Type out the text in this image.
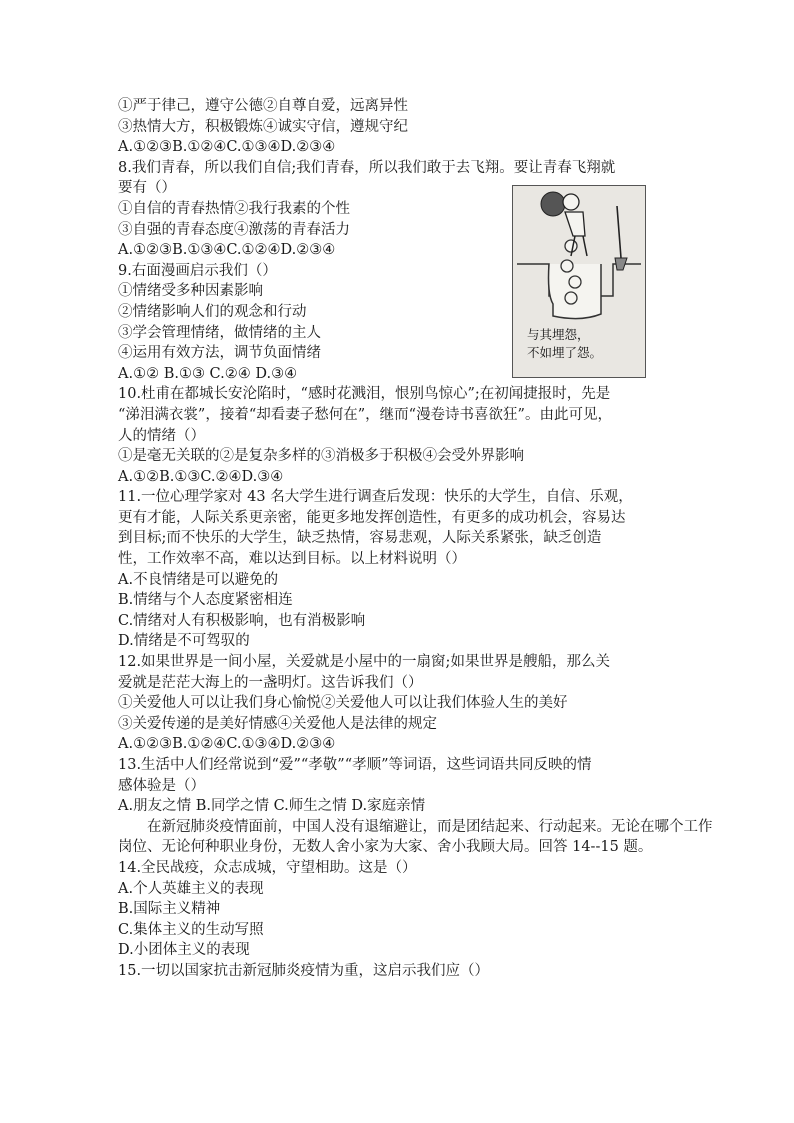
①严于律己，遵守公德②自尊自爱，远离异性
③热情大方，积极锻炼④诚实守信，遵规守纪
A.①②③B.①②④C.①③④D.②③④
8.我们青春，所以我们自信;我们青春，所以我们敢于去飞翔。要让青春飞翔就
要有（）
①自信的青春热情②我行我素的个性
③自强的青春态度④激荡的青春活力
A.①②③B.①③④C.①②④D.②③④
9.右面漫画启示我们（）
①情绪受多种因素影响
②情绪影响人们的观念和行动
③学会管理情绪，做情绪的主人
④运用有效方法，调节负面情绪
A.①② B.①③ C.②④ D.③④
10.杜甫在都城长安沦陷时，“感时花溅泪，恨别鸟惊心”;在初闻捷报时，先是
“涕泪满衣裳”，接着“却看妻子愁何在”，继而“漫卷诗书喜欲狂”。由此可见，
人的情绪（）
①是毫无关联的②是复杂多样的③消极多于积极④会受外界影响
A.①②B.①③C.②④D.③④
11.一位心理学家对 43 名大学生进行调查后发现：快乐的大学生，自信、乐观，
更有才能，人际关系更亲密，能更多地发挥创造性，有更多的成功机会，容易达
到目标;而不快乐的大学生，缺乏热情，容易悲观，人际关系紧张，缺乏创造
性，工作效率不高，难以达到目标。以上材料说明（）
A.不良情绪是可以避免的
B.情绪与个人态度紧密相连
C.情绪对人有积极影响，也有消极影响
D.情绪是不可驾驭的
12.如果世界是一间小屋，关爱就是小屋中的一扇窗;如果世界是艘船，那么关
爱就是茫茫大海上的一盏明灯。这告诉我们（）
①关爱他人可以让我们身心愉悦②关爱他人可以让我们体验人生的美好
③关爱传递的是美好情感④关爱他人是法律的规定
A.①②③B.①②④C.①③④D.②③④
13.生活中人们经常说到“爱”“孝敬”“孝顺”等词语，这些词语共同反映的情
感体验是（）
A.朋友之情 B.同学之情 C.师生之情 D.家庭亲情
在新冠肺炎疫情面前，中国人没有退缩避让，而是团结起来、行动起来。无论在哪个工作岗位、无论何种职业身份，无数人舍小家为大家、舍小我顾大局。回答 14--15 题。
14.全民战疫，众志成城，守望相助。这是（）
A.个人英雄主义的表现
B.国际主义精神
C.集体主义的生动写照
D.小团体主义的表现
15.一切以国家抗击新冠肺炎疫情为重，这启示我们应（）
与其埋怨，
不如埋了怨。
